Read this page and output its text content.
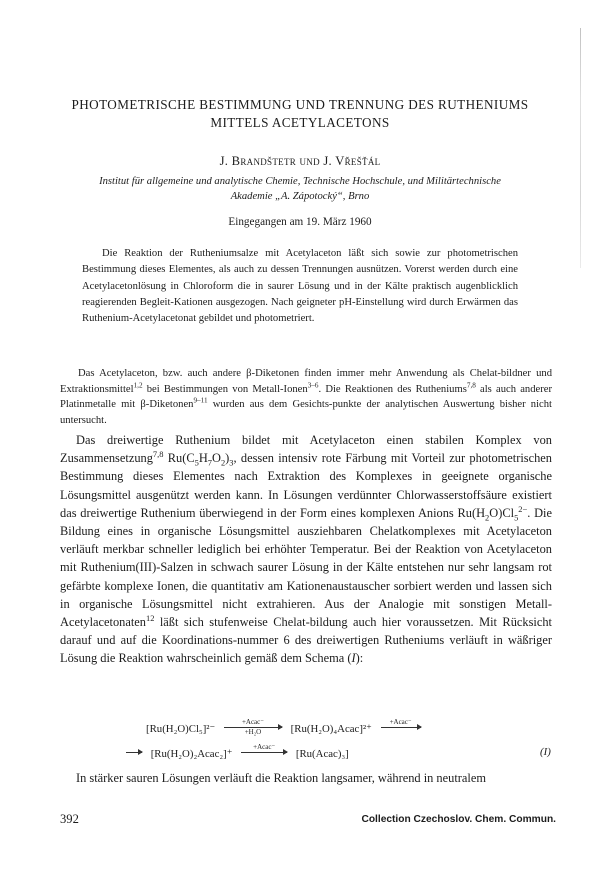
PHOTOMETRISCHE BESTIMMUNG UND TRENNUNG DES RUTHENIUMS
MITTELS ACETYLACETONS
J. Brandštetr und J. Vřešťál
Institut für allgemeine und analytische Chemie, Technische Hochschule, und Militärtechnische
Akademie „A. Zápotocký“, Brno
Eingegangen am 19. März 1960
Die Reaktion der Rutheniumsalze mit Acetylaceton läßt sich sowie zur photometrischen Bestimmung dieses Elementes, als auch zu dessen Trennungen ausnützen. Vorerst werden durch eine Acetylacetonlösung in Chloroform die in saurer Lösung und in der Kälte praktisch augenblicklich reagierenden Begleit-Kationen ausgezogen. Nach geigneter pH-Einstellung wird durch Erwärmen das Ruthenium-Acetylacetonat gebildet und photometriert.
Das Acetylaceton, bzw. auch andere β-Diketonen finden immer mehr Anwendung als Chelat-bildner und Extraktionsmittel$^{1,2}$ bei Bestimmungen von Metall-Ionen$^{3-6}$. Die Reaktionen des Rutheniums$^{7,8}$ als auch anderer Platinmetalle mit β-Diketonen$^{9-11}$ wurden aus dem Gesichts-punkte der analytischen Auswertung bisher nicht untersucht.
Das dreiwertige Ruthenium bildet mit Acetylaceton einen stabilen Komplex von Zusammensetzung$^{7,8}$ $Ru(C_5H_7O_2)_3$, dessen intensiv rote Färbung mit Vorteil zur photometrischen Bestimmung dieses Elementes nach Extraktion des Komplexes in geeignete organische Lösungsmittel ausgenützt werden kann. In Lösungen verdünnter Chlorwasserstoffsäure existiert das dreiwertige Ruthenium überwiegend in der Form eines komplexen Anions $Ru(H_2O)Cl_5^{2-}$. Die Bildung eines in organische Lösungsmittel ausziehbaren Chelatkomplexes mit Acetylaceton verläuft merkbar schneller lediglich bei erhöhter Temperatur. Bei der Reaktion von Acetylaceton mit Ruthenium(III)-Salzen in schwach saurer Lösung in der Kälte entstehen nur sehr langsam rot gefärbte komplexe Ionen, die quantitativ am Kationenaustauscher sorbiert werden und lassen sich in organische Lösungsmittel nicht extrahieren. Aus der Analogie mit sonstigen Metall-Acetylacetonaten$^{12}$ läßt sich stufenweise Chelat-bildung auch hier voraussetzen. Mit Rücksicht darauf und auf die Koordinations-nummer 6 des dreiwertigen Rutheniums verläuft in wäßriger Lösung die Reaktion wahrscheinlich gemäß dem Schema (I):
[Ru(H₂O)Cl₅]²⁻ +Acac⁻
+H₂O	[Ru(H₂O)₄Acac]²⁺ +Acac⁻

→ [Ru(H₂O)₂Acac₂]⁺ +Acac⁻
[Ru(Acac)₃]	(I)
In stärker sauren Lösungen verläuft die Reaktion langsamer, während in neutralem
392	Collection Czechoslov. Chem. Commun.
